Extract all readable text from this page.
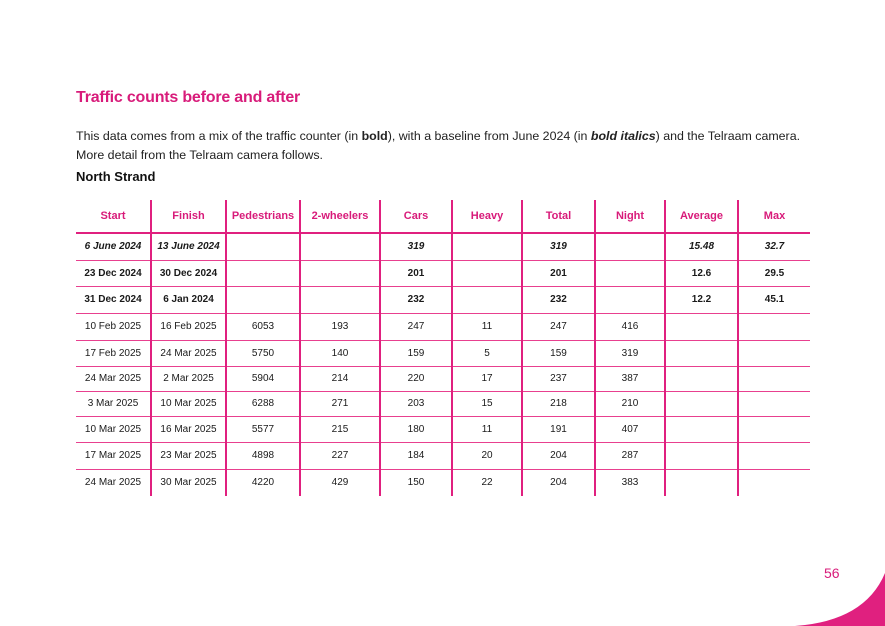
Traffic counts before and after

This data comes from a mix of the traffic counter (in bold), with a baseline from June 2024 (in bold italics) and the Telraam camera. More detail from the Telraam camera follows.

North Strand
Start	Finish	Pedestrians	2-wheelers	Cars	Heavy	Total	Night	Average	Max
6 June 2024	13 June 2024			319		319		15.48	32.7
23 Dec 2024	30 Dec 2024			201		201		12.6	29.5
31 Dec 2024	6 Jan 2024			232		232		12.2	45.1
10 Feb 2025	16 Feb 2025	6053	193	247	11	247	416		
17 Feb 2025	24 Mar 2025	5750	140	159	5	159	319		
24 Mar 2025	2 Mar 2025	5904	214	220	17	237	387		
3 Mar 2025	10 Mar 2025	6288	271	203	15	218	210		
10 Mar 2025	16 Mar 2025	5577	215	180	11	191	407		
17 Mar 2025	23 Mar 2025	4898	227	184	20	204	287		
24 Mar 2025	30 Mar 2025	4220	429	150	22	204	383		
56
